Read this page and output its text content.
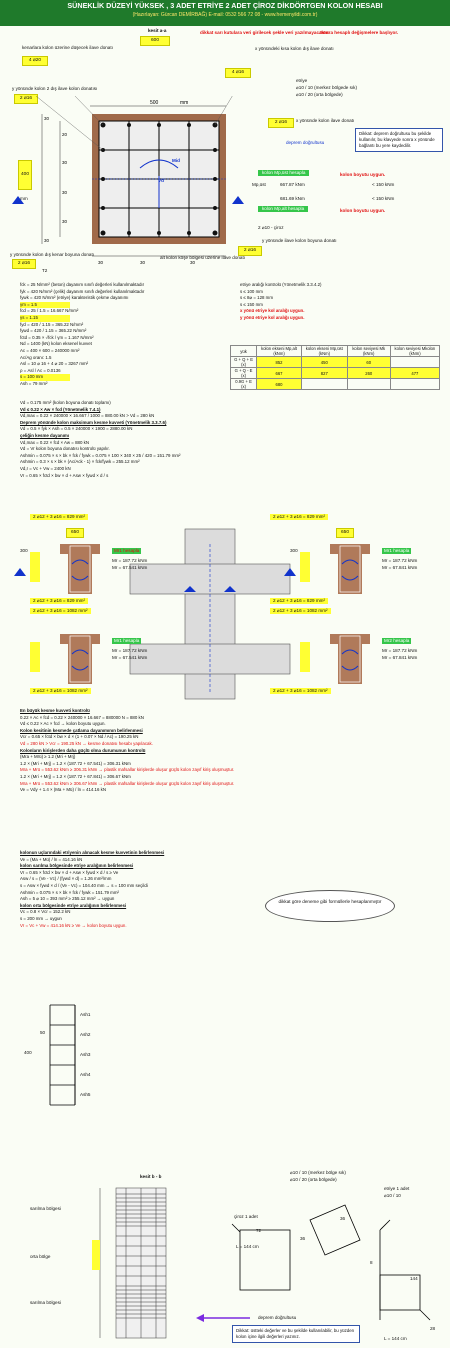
SÜNEKLİK DÜZEYİ YÜKSEK , 3 ADET ETRİYE 2 ADET ÇİROZ DİKDÖRTGEN KOLON HESABI
(Hazırlayan: Gürcan DEMİRBAĞ) E-mail: 0532 566 72 08 - www.hemenyildi.com.tr)
kesit a-a
600
dikkat sarı kutulara veri girilecek şekle veri yazılmayacaktır.
Sonra hesaplı değişmelere başlıyor.
4 ⌀20
kenarlara kolon üzerine düşecek ilave donatı
4 ⌀16
x yönündeki kısa kolon dış ilave donatı
etriye
⌀10 / 10 (merkez bölgede sık)
⌀10 / 20 (orta bölgede)
y yönünde kolon 2 dış ilave kolon donatısı
2 ⌀16
500	mm
30
20
30
30
30
30
30	30	30
400
mm
Mid
Vd
2 ⌀16	x yönünde kolon ilave donatı
deprem doğrultusu
Dikkat: deprem doğrultusu bu şekilde kullanılır, bu klavyede sonra x yönünde bağlantı bu yere kaydedilir.
kolon Mp,üst hesapla	kolon boyutu uygun.
Mp,üst	667.87 kNm	< 150 kNm
681.69 kNm	< 150 kNm
kolon Mp,alt hesapla	kolon boyutu uygun.
2 ⌀10 - çiroz
y yönünde ilave kolon boyuna donatı
2 ⌀16
y yönünde kolon dış kenar boyuna donatı
2 ⌀16
alt kolon köşe bölgesi üzerine ilave donatı
T2
fck = 25 N/mm² (beton) dayanım sınıfı değerleri kullanılmaktadır
fyk = 420 N/mm² (çelik) dayanım sınıfı değerleri kullanılmaktadır
fywk = 420 N/mm² (etriye) karakteristik çekme dayanımı
γm = 1.5
fcd = 25 / 1.5 = 16.667 N/mm²
γs = 1.15
fyd = 420 / 1.15 = 365.22 N/mm²
fywd = 420 / 1.15 = 365.22 N/mm²
fctd = 0.35 × √fck / γm = 1.167 N/mm²
Nd = 1400 (kN) kolon eksenel kuvvet
Ac = 400 × 600 = 240000 mm²
Ac/Ag oranı: 1.5
Asl = 10 ⌀ 16 + 4 ⌀ 20 = 3267 mm²
ρ = Asl / Ac = 0.0136
s = 100 mm
Ash = 79 mm²
etriye aralığı kontrolü (Yönetmelik 3.3.4.2)
s ≤ 100 mm
s ≤ 8⌀ = 128 mm
s ≤ 150 mm
x yönü etriye kol aralığı uygun.
y yönü etriye kol aralığı uygun.
yük	kolon ekseni Mp,alt (kNm)	kolon ekseni Mp,üst (kNm)	kolon seviyesi Mk (kNm)	kolon seviyesi Mkolon (kNm)
G + Q + E (x)	852	450	60	
G + Q - E (x)	667	827	260	477
0.9G + E (x)	680			
Vd = 0.175 mm² (kolon boyuna donatı toplamı)
Vd ≤ 0.22 × Aw × fcd (Yönetmelik 7.4.1)
Vd,max = 0.22 × 240000 × 16.667 / 1000 = 880.00 kN > Vd = 280 kN
Deprem yönünde kolon maksimum kesme kuvveti (Yönetmelik 3.3.7.6)
Vd = 0.5 × fyk × Ash = 0.5 × 240000 × 1900 = 2880.00 kN
çeliğin kesme dayanımı
Vd,max = 0.22 × fcd × Aw = 880 kN
Vd = Vr kolon boyuna donatısı kontrolü yapılır.
Ashmin = 0.075 × s × bk × fck / fywk = 0.075 × 100 × 340 × 25 / 420 = 151.79 mm²
Ashmin = 0.3 × s × bk × (Ac/Ack - 1) × fck/fywk = 255.12 mm²
Vd,r = Vc + Vw = 2400 kN
Vr = 0.65 × fctd × bw × d + Asw × fywd × d / s
2 ⌀12 + 3 ⌀16 = 829 mm²	2 ⌀12 + 3 ⌀16 = 829 mm²
650	650
300	300
Mr1 hesapla
Mr = 187.72 kNm
Mr = 67.541 kNm
Mr1 hesapla
Mr = 187.72 kNm
Mr = 67.841 kNm
2 ⌀12 + 3 ⌀16 = 829 mm²	2 ⌀12 + 3 ⌀16 = 829 mm²
2 ⌀12 + 3 ⌀16 = 1082 mm²	2 ⌀12 + 3 ⌀16 = 1082 mm²
Mr1 hesapla
Mr = 187.72 kNm
Mr = 67.541 kNm
Mr2 hesapla
Mr = 187.72 kNm
Mr = 67.841 kNm
2 ⌀12 + 3 ⌀16 = 1082 mm²	2 ⌀12 + 3 ⌀16 = 1082 mm²
En büyük kesme kuvveti kontrolü
0.22 × Ac × fcd = 0.22 × 240000 × 16.667 = 880000 N = 880 kN
Vd ≤ 0.22 × Ac × fcd → kolon boyutu uygun.
Kolon kesitinin kesmede çatlama dayanımının belirlenmesi
Vcr = 0.65 × fctd × bw × d × (1 + 0.07 × Nd / Ac) = 190.25 kN
Vd = 280 kN > Vcr = 190.25 kN → kesme donatısı hesabı yapılacak.
Kolonların kirişlerden daha güçlü olma durumunun kontrolü
(Mra + Mrü) ≥ 1.2 (Mri + Mrj)
1.2 × (Mri + Mrj) = 1.2 × (187.72 + 67.541) = 306.31 kNm
Mra + Mrü = 553.62 kNm ≥ 306.31 kNm → plastik mafsallar kirişlerde oluşur güçlü kolon zayıf kiriş oluşmuştur.
1.2 × (Mri + Mrj) = 1.2 × (187.72 + 67.841) = 306.67 kNm
Mra + Mrü = 553.62 kNm ≥ 306.67 kNm → plastik mafsallar kirişlerde oluşur güçlü kolon zayıf kiriş oluşmuştur.
Ve = Vdy + 1.4 × (Ma + Mü) / ln = 414.16 kN
dikkat göre deneme gibi formüllerle hesaplanmıştır
kolonun uçlarındaki etriyenin alınacak kesme kuvvetinin belirlenmesi
Ve = (Ma + Mü) / ln = 414.16 kN
kolon sarılma bölgesinde etriye aralığının belirlenmesi
Vr = 0.65 × fctd × bw × d + Asw × fywd × d / s ≥ Ve
Asw / s = (Ve - Vc) / (fywd × d) = 1.26 mm²/mm
s = Asw × fywd × d / (Ve - Vc) = 104.40 mm → s = 100 mm seçildi
Ashmin = 0.075 × s × bk × fck / fywk = 151.79 mm²
Ash = 5 ⌀ 10 = 393 mm² ≥ 255.12 mm² → uygun
kolon orta bölgesinde etriye aralığının belirlenmesi
Vc = 0.8 × Vcr = 152.2 kN
s = 200 mm → uygun
Vr = Vc + Vw = 414.16 kN ≥ Ve → kolon boyutu uygun.
Ash1
Ash2
Ash3
Ash4
Ash5
400
50
kesit b - b
sarılma bölgesi
orta bölge
sarılma bölgesi
⌀10 / 10 (merkez bölge sık)
⌀10 / 20 (orta bölgede)
etriye 1 adet
⌀10 / 10
çiroz 1 adet
36
36
72
144
28
8
L = 144 cm
L = 144 cm
deprem doğrultusu
Dikkat: üstteki değerler ve bu şekilde kullanılabilir, bu yüzden kolon içine ilgili değerleri yazınız.
